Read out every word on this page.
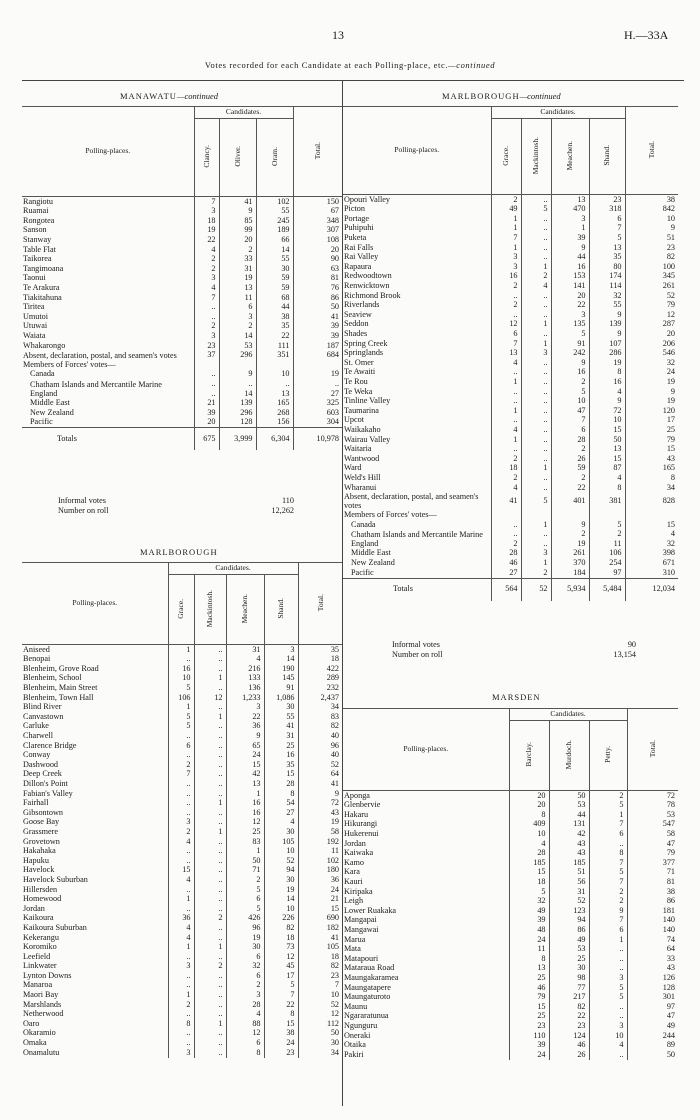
13	H.—33A
Votes recorded for each Candidate at each Polling-place, etc.—continued
MANAWATU—continued
Polling-places.	Candidates.			Total.
	Clancy.	Oliver.	Oram.	
Rangiotu	7	41	102	150
Ruamai	3	9	55	67
Rongotea	18	85	245	348
Sanson	19	99	189	307
Stanway	22	20	66	108
Table Flat	4	2	14	20
Taikorea	2	33	55	90
Tangimoana	2	31	30	63
Taonui	3	19	59	81
Te Arakura	4	13	59	76
Tiakitahuna	7	11	68	86
Tiritea	..	6	44	50
Umutoi	..	3	38	41
Utuwai	2	2	35	39
Waiata	3	14	22	39
Whakarongo	23	53	111	187
Absent, declaration, postal, and seamen's votes	37	296	351	684
Members of Forces' votes—				
Canada	..	9	10	19
Chatham Islands and Mercantile Marine	..	..	..	..
England	..	14	13	27
Middle East	21	139	165	325
New Zealand	39	296	268	603
Pacific	20	128	156	304
Totals	675	3,999	6,304	10,978
Informal votes
Number on roll
110
12,262
MARLBOROUGH
Polling-places.	Candidates.				Total.
	Grace.	Mackintosh.	Meachen.	Shand.	
Aniseed	1	..	31	3	35
Benopai	..	..	4	14	18
Blenheim, Grove Road	16	..	216	190	422
Blenheim, School	10	1	133	145	289
Blenheim, Main Street	5	..	136	91	232
Blenheim, Town Hall	106	12	1,233	1,086	2,437
Blind River	1	..	3	30	34
Canvastown	5	1	22	55	83
Carluke	5	..	36	41	82
Charwell	..	..	9	31	40
Clarence Bridge	6	..	65	25	96
Conway	..	..	24	16	40
Dashwood	2	..	15	35	52
Deep Creek	7	..	42	15	64
Dillon's Point	..	..	13	28	41
Fabian's Valley	..	..	1	8	9
Fairhall	..	1	16	54	72
Gibsontown	..	..	16	27	43
Goose Bay	3	..	12	4	19
Grassmere	2	1	25	30	58
Grovetown	4	..	83	105	192
Hakahaka	..	..	1	10	11
Hapuku	..	..	50	52	102
Havelock	15	..	71	94	180
Havelock Suburban	4	..	2	30	36
Hillersden	..	..	5	19	24
Homewood	1	..	6	14	21
Jordan	..	..	5	10	15
Kaikoura	36	2	426	226	690
Kaikoura Suburban	4	..	96	82	182
Kekerangu	4	..	19	18	41
Koromiko	1	1	30	73	105
Leefield	..	..	6	12	18
Linkwater	3	2	32	45	82
Lynton Downs	..	..	6	17	23
Manaroa	..	..	2	5	7
Maori Bay	1	..	3	7	10
Marshlands	2	..	28	22	52
Netherwood	..	..	4	8	12
Oaro	8	1	88	15	112
Okaramio	..	..	12	38	50
Omaka	..	..	6	24	30
Onamalutu	3	..	8	23	34
MARLBOROUGH—continued
Polling-places.	Candidates.				Total.
	Grace.	Mackintosh.	Meachen.	Shand.	
Opouri Valley	2	..	13	23	38
Picton	49	5	470	318	842
Portage	1	..	3	6	10
Puhipuhi	1	..	1	7	9
Puketa	7	..	39	5	51
Rai Falls	1	..	9	13	23
Rai Valley	3	..	44	35	82
Rapaura	3	1	16	80	100
Redwoodtown	16	2	153	174	345
Renwicktown	2	4	141	114	261
Richmond Brook	..	..	20	32	52
Riverlands	2	..	22	55	79
Seaview	..	..	3	9	12
Seddon	12	1	135	139	287
Shades	6	..	5	9	20
Spring Creek	7	1	91	107	206
Springlands	13	3	242	286	546
St. Omer	4	..	9	19	32
Te Awaiti	..	..	16	8	24
Te Rou	1	..	2	16	19
Te Weka	..	..	5	4	9
Tinline Valley	..	..	10	9	19
Taumarina	1	..	47	72	120
Upcot	..	..	7	10	17
Waikakaho	4	..	6	15	25
Wairau Valley	1	..	28	50	79
Waitaria	..	..	2	13	15
Wantwood	2	..	26	15	43
Ward	18	1	59	87	165
Weld's Hill	2	..	2	4	8
Wharanui	4	..	22	8	34
Absent, declaration, postal, and seamen's votes	41	5	401	381	828
Members of Forces' votes—					
Canada	..	1	9	5	15
Chatham Islands and Mercantile Marine	..	..	2	2	4
England	2	..	19	11	32
Middle East	28	3	261	106	398
New Zealand	46	1	370	254	671
Pacific	27	2	184	97	310
Totals	564	52	5,934	5,484	12,034
Informal votes
Number on roll
90
13,154
MARSDEN
Polling-places.	Candidates.			Total.
	Barclay.	Murdoch.	Petty.	
Aponga	20	50	2	72
Glenbervie	20	53	5	78
Hakaru	8	44	1	53
Hikurangi	409	131	7	547
Hukerenui	10	42	6	58
Jordan	4	43	..	47
Kaiwaka	28	43	8	79
Kamo	185	185	7	377
Kara	15	51	5	71
Kauri	18	56	7	81
Kiripaka	5	31	2	38
Leigh	32	52	2	86
Lower Ruakaka	49	123	9	181
Mangapai	39	94	7	140
Mangawai	48	86	6	140
Marua	24	49	1	74
Mata	11	53	..	64
Matapouri	8	25	..	33
Mataraua Road	13	30	..	43
Maungakaramea	25	98	3	126
Maungatapere	46	77	5	128
Maungaturoto	79	217	5	301
Maunu	15	82	..	97
Ngararatunua	25	22	..	47
Ngunguru	23	23	3	49
Oneraki	110	124	10	244
Otaika	39	46	4	89
Pakiri	24	26	..	50
